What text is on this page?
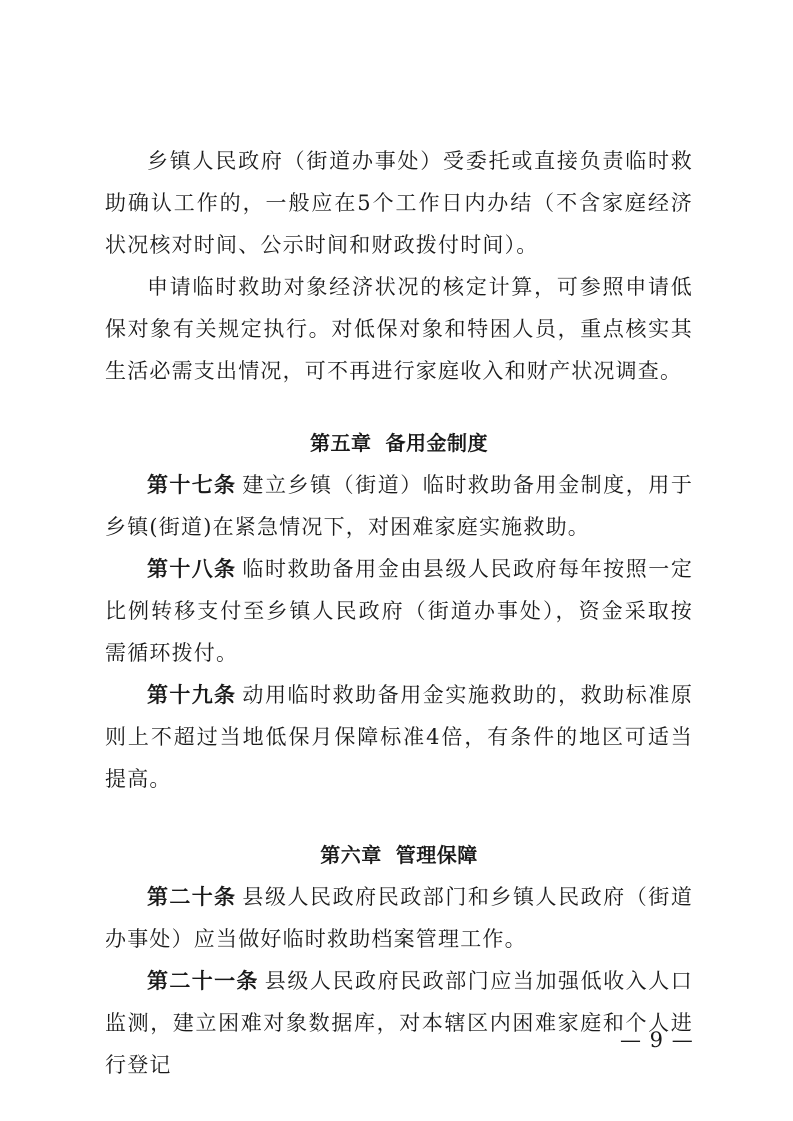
乡镇人民政府（街道办事处）受委托或直接负责临时救助确认工作的，一般应在5个工作日内办结（不含家庭经济状况核对时间、公示时间和财政拨付时间）。

申请临时救助对象经济状况的核定计算，可参照申请低保对象有关规定执行。对低保对象和特困人员，重点核实其生活必需支出情况，可不再进行家庭收入和财产状况调查。

第五章 备用金制度

第十七条 建立乡镇（街道）临时救助备用金制度，用于乡镇(街道)在紧急情况下，对困难家庭实施救助。

第十八条 临时救助备用金由县级人民政府每年按照一定比例转移支付至乡镇人民政府（街道办事处），资金采取按需循环拨付。

第十九条 动用临时救助备用金实施救助的，救助标准原则上不超过当地低保月保障标准4倍，有条件的地区可适当提高。

第六章 管理保障

第二十条 县级人民政府民政部门和乡镇人民政府（街道办事处）应当做好临时救助档案管理工作。

第二十一条 县级人民政府民政部门应当加强低收入人口监测，建立困难对象数据库，对本辖区内困难家庭和个人进行登记

— 9 —
